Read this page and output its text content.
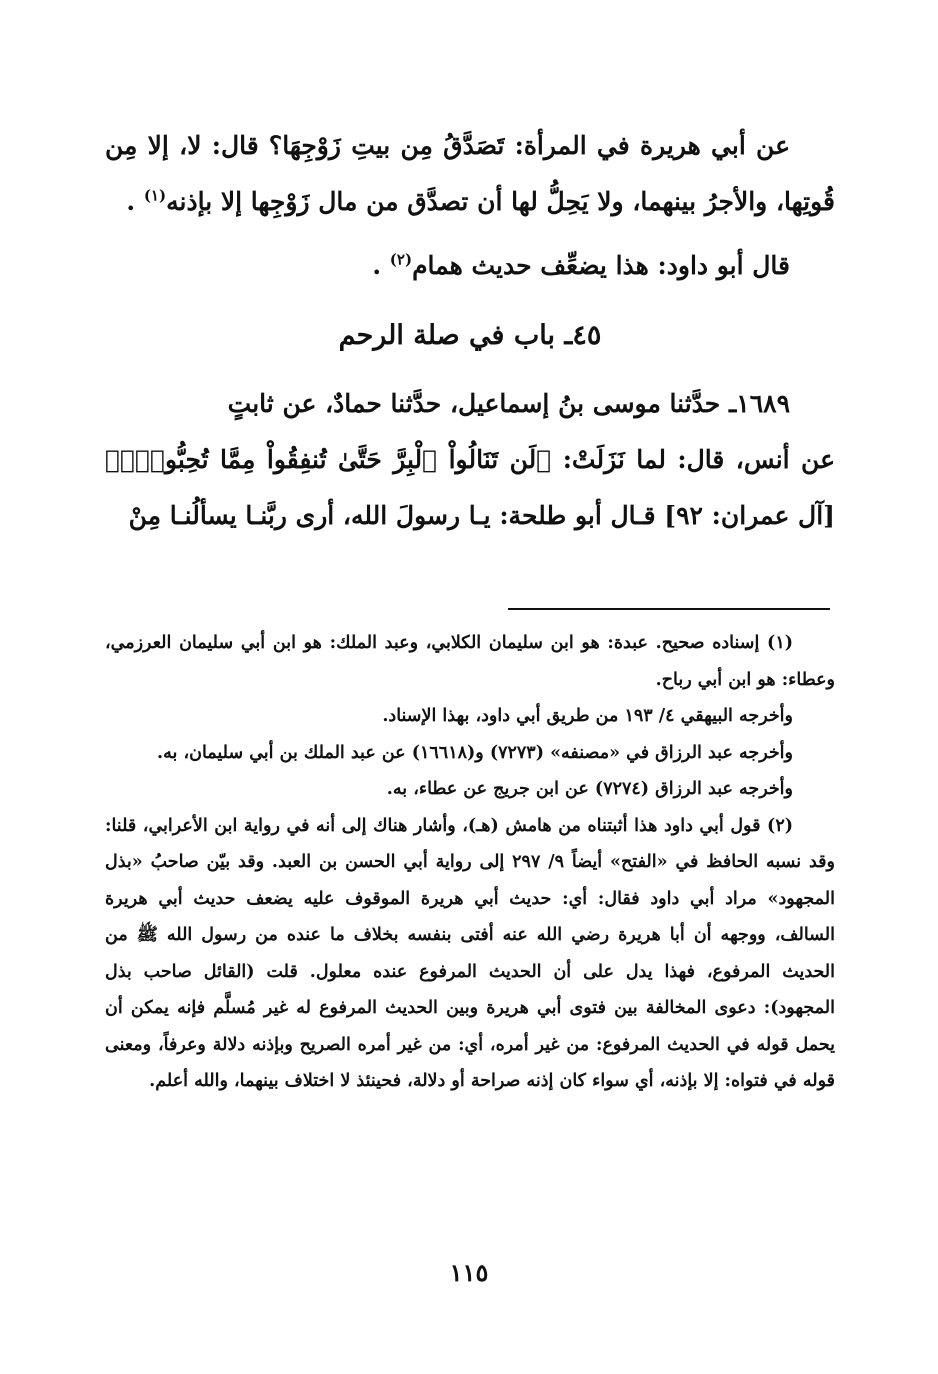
عن أبي هريرة في المرأة: تَصَدَّقُ مِن بيتِ زَوْجِهَا؟ قال: لا، إلا مِن قُوتِها، والأجرُ بينهما، ولا يَحِلُّ لها أن تصدَّق من مال زَوْجِها إلا بإذنه$^{(١)}$ .

قال أبو داود: هذا يضعِّف حديث همام$^{(٢)}$ .

٤٥ـ باب في صلة الرحم

١٦٨٩ـ حدَّثنا موسى بنُ إسماعيل، حدَّثنا حمادٌ، عن ثابتٍ

عن أنس، قال: لما نَزَلَتْ: ﴿لَن تَنَالُواْ ٱلْبِرَّ حَتَّىٰ تُنفِقُواْ مِمَّا تُحِبُّونَۚ﴾ [آل عمران: ٩٢] قـال أبو طلحة: يـا رسولَ الله، أرى ربَّنـا يسألُنـا مِنْ

(١) إسناده صحيح. عبدة: هو ابن سليمان الكلابي، وعبد الملك: هو ابن أبي سليمان العرزمي، وعطاء: هو ابن أبي رباح.

وأخرجه البيهقي ٤/ ١٩٣ من طريق أبي داود، بهذا الإسناد.

وأخرجه عبد الرزاق في «مصنفه» (٧٢٧٣) و(١٦٦١٨) عن عبد الملك بن أبي سليمان، به.

وأخرجه عبد الرزاق (٧٢٧٤) عن ابن جريج عن عطاء، به.

(٢) قول أبي داود هذا أثبتناه من هامش (هـ)، وأشار هناك إلى أنه في رواية ابن الأعرابي، قلنا: وقد نسبه الحافظ في «الفتح» أيضاً ٩/ ٢٩٧ إلى رواية أبي الحسن بن العبد. وقد بيّن صاحبُ «بذل المجهود» مراد أبي داود فقال: أي: حديث أبي هريرة الموقوف عليه يضعف حديث أبي هريرة السالف، ووجهه أن أبا هريرة رضي الله عنه أفتى بنفسه بخلاف ما عنده من رسول الله ﷺ من الحديث المرفوع، فهذا يدل على أن الحديث المرفوع عنده معلول. قلت (القائل صاحب بذل المجهود): دعوى المخالفة بين فتوى أبي هريرة وبين الحديث المرفوع له غير مُسلَّم فإنه يمكن أن يحمل قوله في الحديث المرفوع: من غير أمره، أي: من غير أمره الصريح وبإذنه دلالة وعرفاً، ومعنى قوله في فتواه: إلا بإذنه، أي سواء كان إذنه صراحة أو دلالة، فحينئذ لا اختلاف بينهما، والله أعلم.

١١٥
